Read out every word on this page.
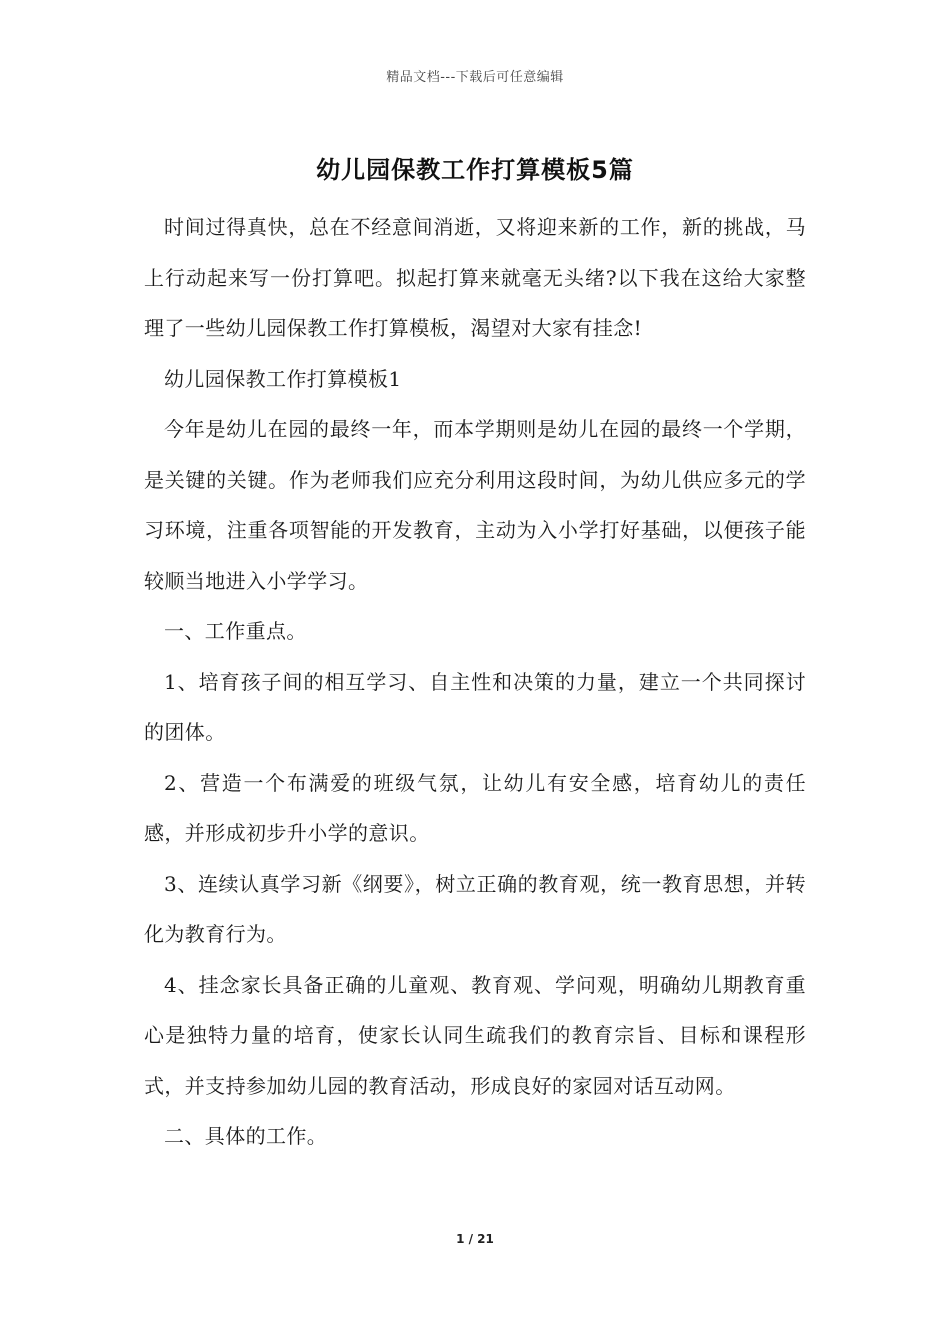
精品文档---下载后可任意编辑
幼儿园保教工作打算模板5篇

时间过得真快，总在不经意间消逝，又将迎来新的工作，新的挑战，马上行动起来写一份打算吧。拟起打算来就毫无头绪?以下我在这给大家整理了一些幼儿园保教工作打算模板，渴望对大家有挂念!

幼儿园保教工作打算模板1

今年是幼儿在园的最终一年，而本学期则是幼儿在园的最终一个学期，是关键的关键。作为老师我们应充分利用这段时间，为幼儿供应多元的学习环境，注重各项智能的开发教育，主动为入小学打好基础，以便孩子能较顺当地进入小学学习。

一、工作重点。

1、培育孩子间的相互学习、自主性和决策的力量，建立一个共同探讨的团体。

2、营造一个布满爱的班级气氛，让幼儿有安全感，培育幼儿的责任感，并形成初步升小学的意识。

3、连续认真学习新《纲要》，树立正确的教育观，统一教育思想，并转化为教育行为。

4、挂念家长具备正确的儿童观、教育观、学问观，明确幼儿期教育重心是独特力量的培育，使家长认同生疏我们的教育宗旨、目标和课程形式，并支持参加幼儿园的教育活动，形成良好的家园对话互动网。

二、具体的工作。

1 / 21
